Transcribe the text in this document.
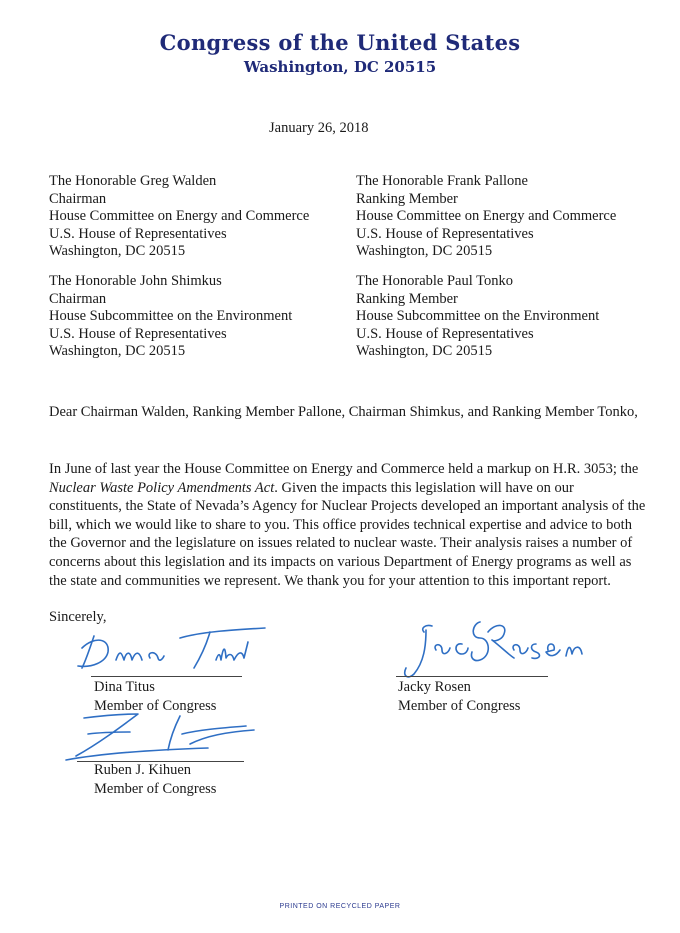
Congress of the United States
Washington, DC 20515
January 26, 2018
The Honorable Greg Walden
Chairman
House Committee on Energy and Commerce
U.S. House of Representatives
Washington, DC 20515
The Honorable Frank Pallone
Ranking Member
House Committee on Energy and Commerce
U.S. House of Representatives
Washington, DC 20515
The Honorable John Shimkus
Chairman
House Subcommittee on the Environment
U.S. House of Representatives
Washington, DC 20515
The Honorable Paul Tonko
Ranking Member
House Subcommittee on the Environment
U.S. House of Representatives
Washington, DC 20515
Dear Chairman Walden, Ranking Member Pallone, Chairman Shimkus, and Ranking Member Tonko,
In June of last year the House Committee on Energy and Commerce held a markup on H.R. 3053; the Nuclear Waste Policy Amendments Act. Given the impacts this legislation will have on our constituents, the State of Nevada’s Agency for Nuclear Projects developed an important analysis of the bill, which we would like to share to you. This office provides technical expertise and advice to both the Governor and the legislature on issues related to nuclear waste. Their analysis raises a number of concerns about this legislation and its impacts on various Department of Energy programs as well as the state and communities we represent. We thank you for your attention to this important report.
Sincerely,
Dina Titus
Member of Congress
Jacky Rosen
Member of Congress
Ruben J. Kihuen
Member of Congress
PRINTED ON RECYCLED PAPER
